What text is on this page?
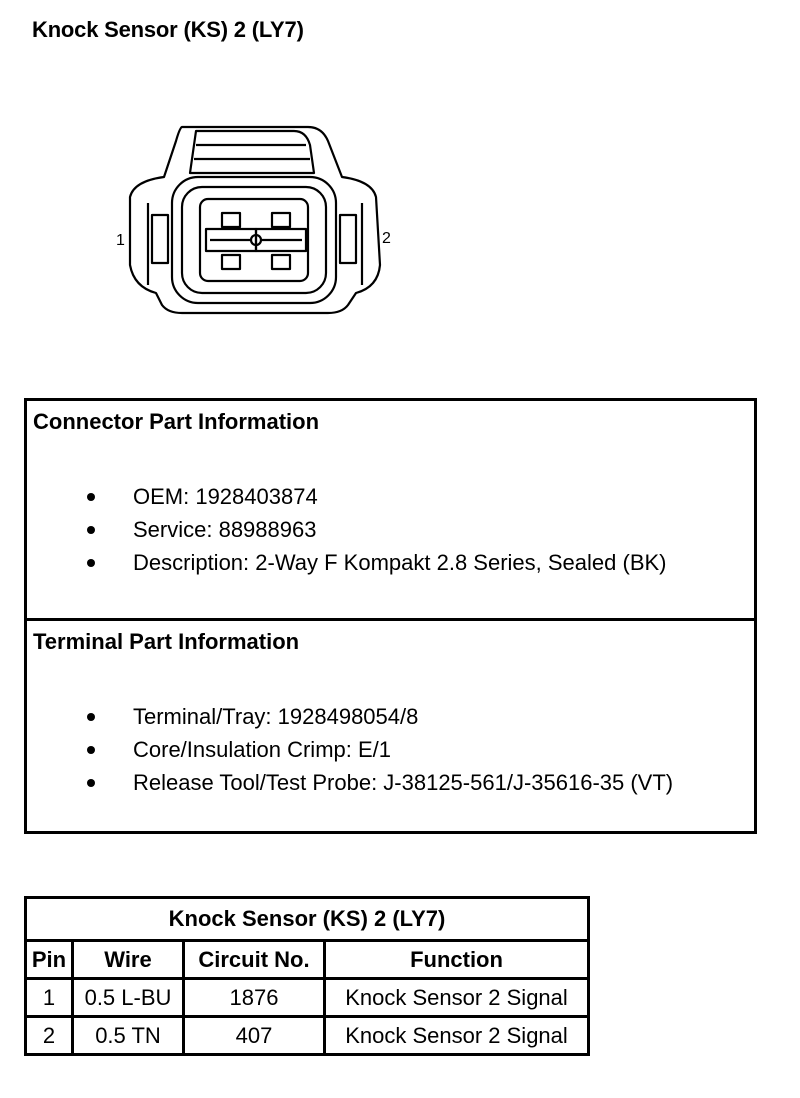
Knock Sensor (KS) 2 (LY7)
1	2
Connector Part Information
OEM: 1928403874
Service: 88988963
Description: 2-Way F Kompakt 2.8 Series, Sealed (BK)
Terminal Part Information
Terminal/Tray: 1928498054/8
Core/Insulation Crimp: E/1
Release Tool/Test Probe: J-38125-561/J-35616-35 (VT)
Knock Sensor (KS) 2 (LY7)			
Pin	Wire	Circuit No.	Function
1	0.5 L-BU	1876	Knock Sensor 2 Signal
2	0.5 TN	407	Knock Sensor 2 Signal
